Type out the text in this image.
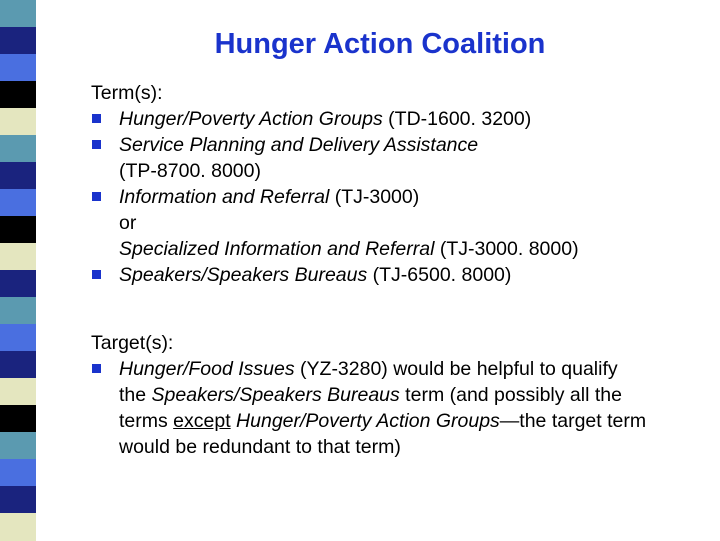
Hunger Action Coalition
Term(s):
Hunger/Poverty Action Groups (TD-1600. 3200)
Service Planning and Delivery Assistance
(TP-8700. 8000)
Information and Referral (TJ-3000)
or
Specialized Information and Referral (TJ-3000. 8000)
Speakers/Speakers Bureaus (TJ-6500. 8000)
Target(s):
Hunger/Food Issues (YZ-3280) would be helpful to qualify
the Speakers/Speakers Bureaus term (and possibly all the
terms except Hunger/Poverty Action Groups—the target term
would be redundant to that term)
